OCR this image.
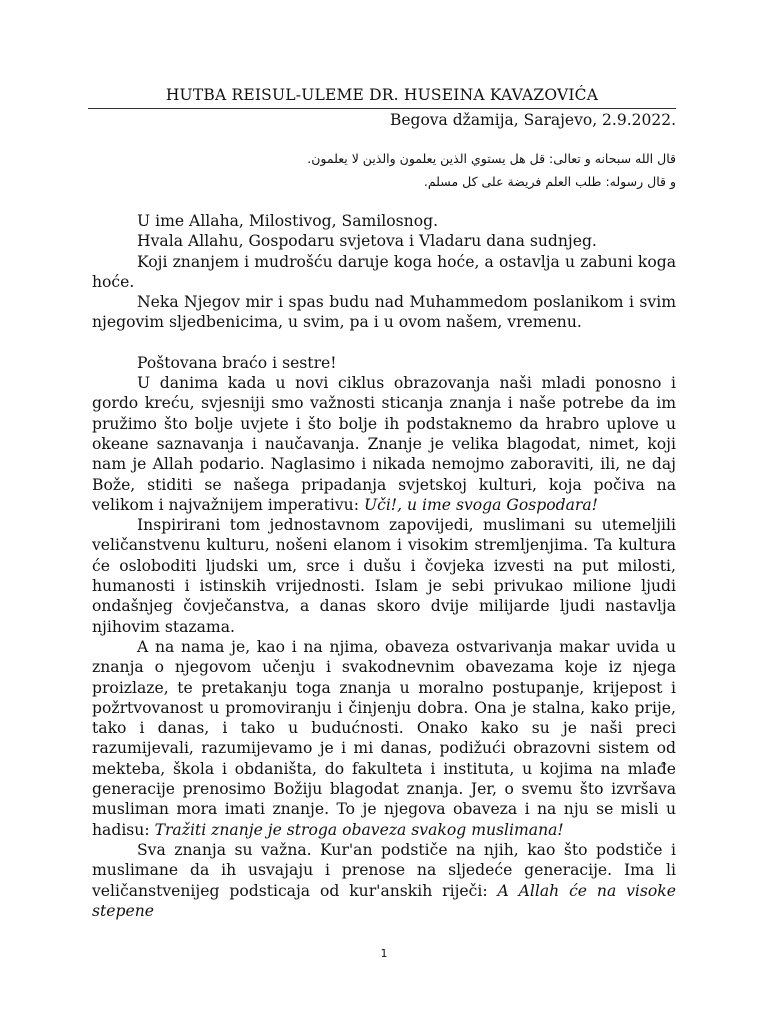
HUTBA REISUL-ULEME DR. HUSEINA KAVAZOVIĆA
Begova džamija, Sarajevo, 2.9.2022.
قال الله سبحانه و تعالى: قل هل يستوي الذين يعلمون والذين لا يعلمون.
و قال رسوله: طلب العلم فريضة على كل مسلم.

U ime Allaha, Milostivog, Samilosnog.

Hvala Allahu, Gospodaru svjetova i Vladaru dana sudnjeg.

Koji znanjem i mudrošću daruje koga hoće, a ostavlja u zabuni koga hoće.

Neka Njegov mir i spas budu nad Muhammedom poslanikom i svim njegovim sljedbenicima, u svim, pa i u ovom našem, vremenu.

Poštovana braćo i sestre!

U danima kada u novi ciklus obrazovanja naši mladi ponosno i gordo kreću, svjesniji smo važnosti sticanja znanja i naše potrebe da im pružimo što bolje uvjete i što bolje ih podstaknemo da hrabro uplove u okeane saznavanja i naučavanja. Znanje je velika blagodat, nimet, koji nam je Allah podario. Naglasimo i nikada nemojmo zaboraviti, ili, ne daj Bože, stiditi se našega pripadanja svjetskoj kulturi, koja počiva na velikom i najvažnijem imperativu: Uči!, u ime svoga Gospodara!

Inspirirani tom jednostavnom zapovijedi, muslimani su utemeljili veličanstvenu kulturu, nošeni elanom i visokim stremljenjima. Ta kultura će osloboditi ljudski um, srce i dušu i čovjeka izvesti na put milosti, humanosti i istinskih vrijednosti. Islam je sebi privukao milione ljudi ondašnjeg čovječanstva, a danas skoro dvije milijarde ljudi nastavlja njihovim stazama.

A na nama je, kao i na njima, obaveza ostvarivanja makar uvida u znanja o njegovom učenju i svakodnevnim obavezama koje iz njega proizlaze, te pretakanju toga znanja u moralno postupanje, krijepost i požrtvovanost u promoviranju i činjenju dobra. Ona je stalna, kako prije, tako i danas, i tako u budućnosti. Onako kako su je naši preci razumijevali, razumijevamo je i mi danas, podižući obrazovni sistem od mekteba, škola i obdaništa, do fakulteta i instituta, u kojima na mlađe generacije prenosimo Božiju blagodat znanja. Jer, o svemu što izvršava musliman mora imati znanje. To je njegova obaveza i na nju se misli u hadisu: Tražiti znanje je stroga obaveza svakog muslimana!

Sva znanja su važna. Kur'an podstiče na njih, kao što podstiče i muslimane da ih usvajaju i prenose na sljedeće generacije. Ima li veličanstvenijeg podsticaja od kur'anskih riječi: A Allah će na visoke stepene

1
